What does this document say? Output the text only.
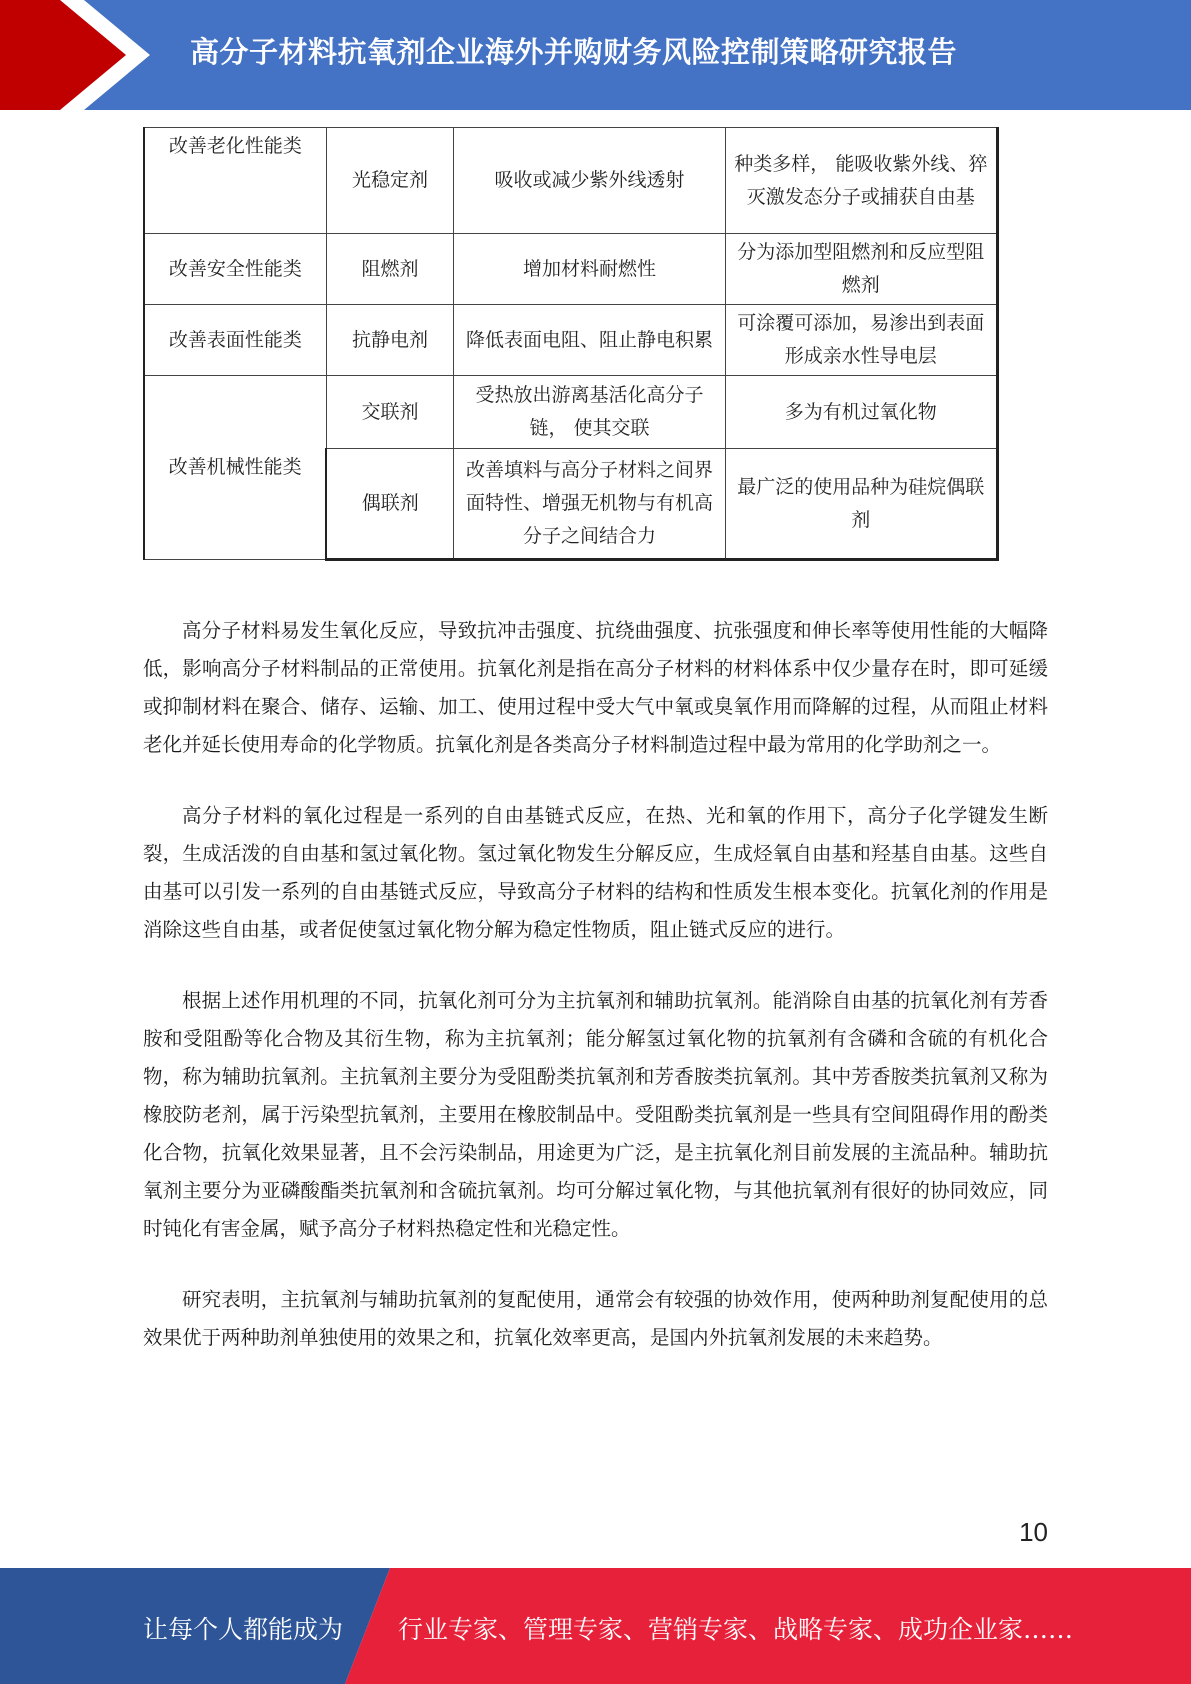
高分子材料抗氧剂企业海外并购财务风险控制策略研究报告
改善老化性能类	光稳定剂	吸收或减少紫外线透射	种类多样， 能吸收紫外线、猝灭激发态分子或捕获自由基
改善安全性能类	阻燃剂	增加材料耐燃性	分为添加型阻燃剂和反应型阻燃剂
改善表面性能类	抗静电剂	降低表面电阻、阻止静电积累	可涂覆可添加，易渗出到表面形成亲水性导电层
改善机械性能类	交联剂	受热放出游离基活化高分子链， 使其交联	多为有机过氧化物
	偶联剂	改善填料与高分子材料之间界面特性、增强无机物与有机高分子之间结合力	最广泛的使用品种为硅烷偶联剂

高分子材料易发生氧化反应，导致抗冲击强度、抗绕曲强度、抗张强度和伸长率等使用性能的大幅降低，影响高分子材料制品的正常使用。抗氧化剂是指在高分子材料的材料体系中仅少量存在时，即可延缓或抑制材料在聚合、储存、运输、加工、使用过程中受大气中氧或臭氧作用而降解的过程，从而阻止材料老化并延长使用寿命的化学物质。抗氧化剂是各类高分子材料制造过程中最为常用的化学助剂之一。

高分子材料的氧化过程是一系列的自由基链式反应，在热、光和氧的作用下，高分子化学键发生断裂，生成活泼的自由基和氢过氧化物。氢过氧化物发生分解反应，生成烃氧自由基和羟基自由基。这些自由基可以引发一系列的自由基链式反应，导致高分子材料的结构和性质发生根本变化。抗氧化剂的作用是消除这些自由基，或者促使氢过氧化物分解为稳定性物质，阻止链式反应的进行。

根据上述作用机理的不同，抗氧化剂可分为主抗氧剂和辅助抗氧剂。能消除自由基的抗氧化剂有芳香胺和受阻酚等化合物及其衍生物，称为主抗氧剂；能分解氢过氧化物的抗氧剂有含磷和含硫的有机化合物，称为辅助抗氧剂。主抗氧剂主要分为受阻酚类抗氧剂和芳香胺类抗氧剂。其中芳香胺类抗氧剂又称为橡胶防老剂，属于污染型抗氧剂，主要用在橡胶制品中。受阻酚类抗氧剂是一些具有空间阻碍作用的酚类化合物，抗氧化效果显著，且不会污染制品，用途更为广泛，是主抗氧化剂目前发展的主流品种。辅助抗氧剂主要分为亚磷酸酯类抗氧剂和含硫抗氧剂。均可分解过氧化物，与其他抗氧剂有很好的协同效应，同时钝化有害金属，赋予高分子材料热稳定性和光稳定性。

研究表明，主抗氧剂与辅助抗氧剂的复配使用，通常会有较强的协效作用，使两种助剂复配使用的总效果优于两种助剂单独使用的效果之和，抗氧化效率更高，是国内外抗氧剂发展的未来趋势。

10
让每个人都能成为 行业专家、管理专家、营销专家、战略专家、成功企业家……
